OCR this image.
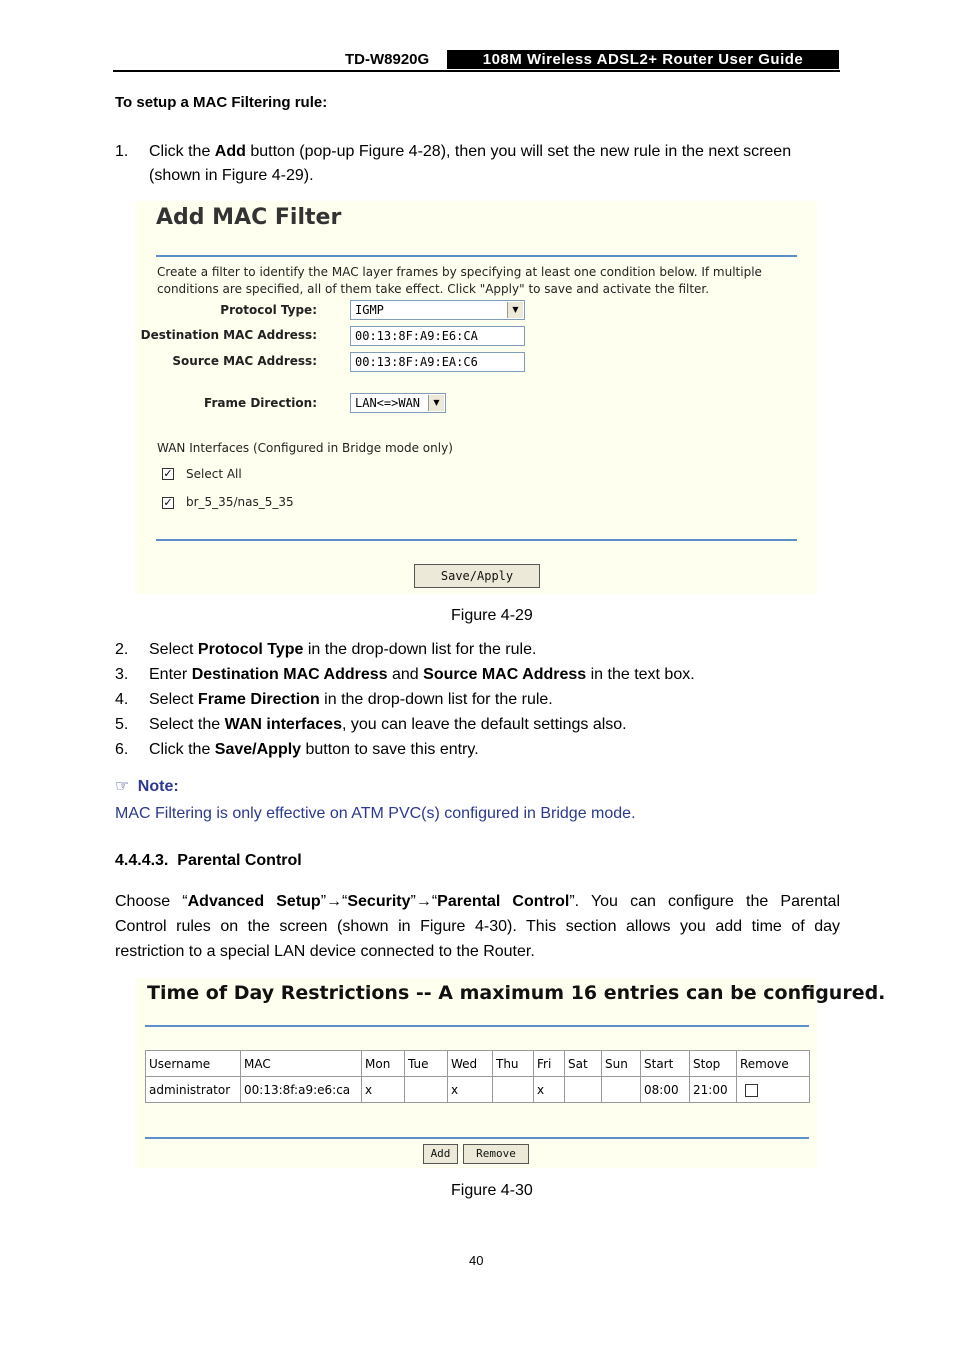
TD-W8920G	108M Wireless ADSL2+ Router User Guide
To setup a MAC Filtering rule:
1.	Click the Add button (pop-up Figure 4-28), then you will set the new rule in the next screen
(shown in Figure 4-29).
Add MAC Filter
Create a filter to identify the MAC layer frames by specifying at least one condition below. If multiple
conditions are specified, all of them take effect. Click "Apply" to save and activate the filter.
Protocol Type:	IGMP	▼
Destination MAC Address:	00:13:8F:A9:E6:CA
Source MAC Address:	00:13:8F:A9:EA:C6
Frame Direction:	LAN<=>WAN	▼
WAN Interfaces (Configured in Bridge mode only)
✓ Select All
✓ br_5_35/nas_5_35
Save/Apply
Figure 4-29
2.	Select Protocol Type in the drop-down list for the rule.
3.	Enter Destination MAC Address and Source MAC Address in the text box.
4.	Select Frame Direction in the drop-down list for the rule.
5.	Select the WAN interfaces, you can leave the default settings also.
6.	Click the Save/Apply button to save this entry.
☞ Note:
MAC Filtering is only effective on ATM PVC(s) configured in Bridge mode.
4.4.4.3. Parental Control
Choose “Advanced Setup”→“Security”→“Parental Control”. You can configure the Parental
Control rules on the screen (shown in Figure 4-30). This section allows you add time of day
restriction to a special LAN device connected to the Router.
Time of Day Restrictions -- A maximum 16 entries can be configured.
Username	MAC	Mon	Tue	Wed	Thu	Fri	Sat	Sun	Start	Stop	Remove
administrator	00:13:8f:a9:e6:ca	x		x		x			08:00	21:00	
Add	Remove
Figure 4-30
40
